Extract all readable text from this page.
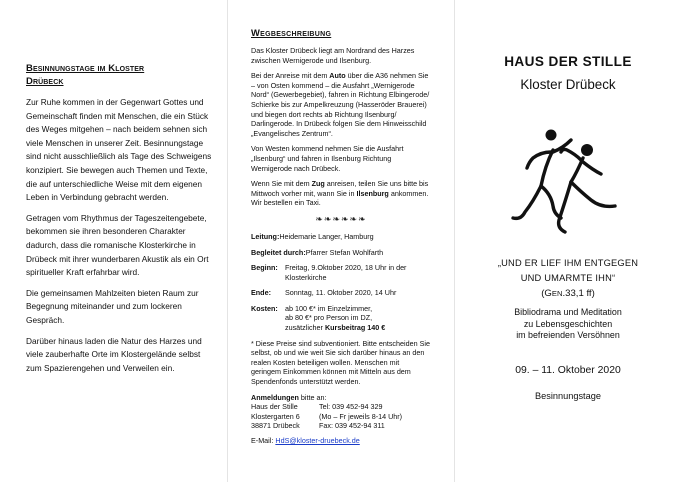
Besinnungstage im Kloster
Drübeck

Zur Ruhe kommen in der Gegenwart Gottes und Gemeinschaft finden mit Menschen, die ein Stück des Weges mitgehen – nach beidem sehnen sich viele Menschen in unserer Zeit. Besinnungstage sind nicht ausschließlich als Tage des Schweigens konzipiert. Sie bewegen auch Themen und Texte, die auf unterschiedliche Weise mit dem eigenen Leben in Verbindung gebracht werden.

Getragen vom Rhythmus der Tageszeitengebete, bekommen sie ihren besonderen Charakter dadurch, dass die romanische Klosterkirche in Drübeck mit ihrer wunderbaren Akustik als ein Ort spiritueller Kraft erfahrbar wird.

Die gemeinsamen Mahlzeiten bieten Raum zur Begegnung miteinander und zum lockeren Gespräch.

Darüber hinaus laden die Natur des Harzes und viele zauberhafte Orte im Klostergelände selbst zum Spazierengehen und Verweilen ein.

Wegbeschreibung

Das Kloster Drübeck liegt am Nordrand des Harzes zwischen Wernigerode und Ilsenburg.

Bei der Anreise mit dem Auto über die A36 nehmen Sie – von Osten kommend – die Ausfahrt „Wernigerode Nord“ (Gewerbegebiet), fahren in Richtung Elbingerode/ Schierke bis zur Ampelkreuzung (Hasseröder Brauerei) und biegen dort rechts ab Richtung Ilsenburg/ Darlingerode. In Drübeck folgen Sie dem Hinweisschild „Evangelisches Zentrum“.

Von Westen kommend nehmen Sie die Ausfahrt „Ilsenburg“ und fahren in Ilsenburg Richtung Wernigerode nach Drübeck.

Wenn Sie mit dem Zug anreisen, teilen Sie uns bitte bis Mittwoch vorher mit, wann Sie in Ilsenburg ankommen. Wir bestellen ein Taxi.

❧❧❧❧❧❧
Leitung: Heidemarie Langer, Hamburg
Begleitet durch: Pfarrer Stefan Wohlfarth
Beginn:	Freitag, 9.Oktober 2020, 18 Uhr in der Klosterkirche
Ende:	Sonntag, 11. Oktober 2020, 14 Uhr
Kosten:	ab 100 €* im Einzelzimmer,
ab 80 €* pro Person im DZ,
zusätzlicher Kursbeitrag 140 €

* Diese Preise sind subventioniert. Bitte entscheiden Sie selbst, ob und wie weit Sie sich darüber hinaus an den realen Kosten beteiligen wollen. Menschen mit geringem Einkommen können mit Mitteln aus dem Spendenfonds unterstützt werden.

Anmeldungen bitte an:
Haus der Stille	Tel: 039 452-94 329
Klostergarten 6	(Mo – Fr jeweils 8-14 Uhr)
38871 Drübeck	Fax: 039 452-94 311
E-Mail: HdS@kloster-druebeck.de
HAUS DER STILLE
Kloster Drübeck
„UND ER LIEF IHM ENTGEGEN
UND UMARMTE IHN“
(GEN.33,1 ff)
Bibliodrama und Meditation
zu Lebensgeschichten
im befreienden Versöhnen
09. – 11. Oktober 2020
Besinnungstage
